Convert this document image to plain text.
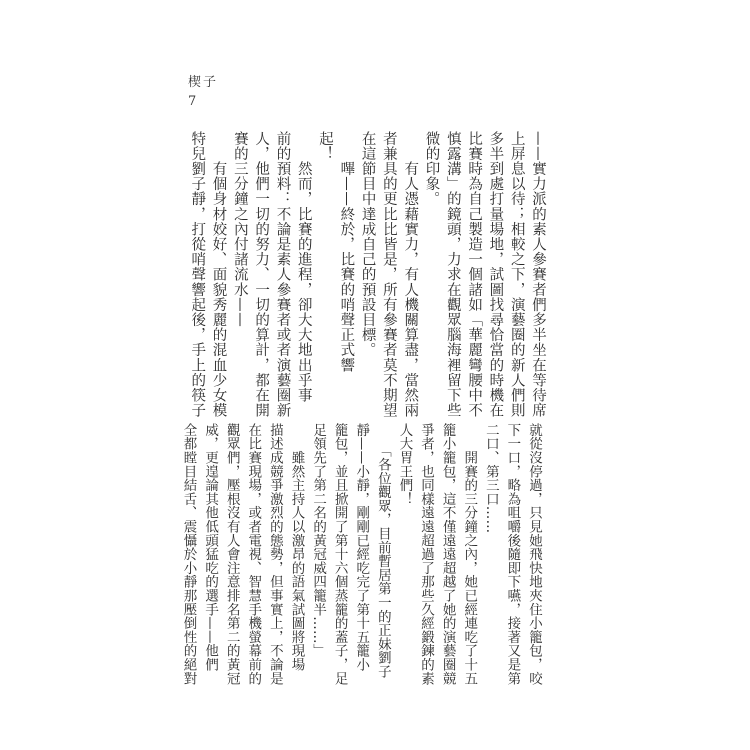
楔子
7
——實力派的素人參賽者們多半坐在等待席
上屏息以待；相較之下，演藝圈的新人們則
多半到處打量場地，試圖找尋恰當的時機在
比賽時為自己製造一個諸如「華麗彎腰中不
慎露溝」的鏡頭，力求在觀眾腦海裡留下些
微的印象。
　　有人憑藉實力，有人機關算盡，當然兩
者兼具的更比比皆是，所有參賽者莫不期望
在這節目中達成自己的預設目標。
　　嗶——終於，比賽的哨聲正式響
起！
　　然而，比賽的進程，卻大大地出乎事
前的預料：不論是素人參賽者或者演藝圈新
人，他們一切的努力、一切的算計，都在開
賽的三分鐘之內付諸流水——
　　有個身材姣好、面貌秀麗的混血少女模
特兒劉子靜，打從哨聲響起後，手上的筷子
就從沒停過，只見她飛快地夾住小籠包，咬
下一口，略為咀嚼後隨即下嚥，接著又是第
二口、第三口……
　　開賽的三分鐘之內，她已經連吃了十五
籠小籠包，這不僅遠遠超越了她的演藝圈競
爭者，也同樣遠遠超過了那些久經鍛鍊的素
人大胃王們！
　　「各位觀眾，目前暫居第一的正妹劉子
靜——小靜，剛剛已經吃完了第十五籠小
籠包，並且掀開了第十六個蒸籠的蓋子，足
足領先了第二名的黃冠威四籠半……」
　　雖然主持人以激昂的語氣試圖將現場
描述成競爭激烈的態勢，但事實上，不論是
在比賽現場，或者電視、智慧手機螢幕前的
觀眾們，壓根沒有人會注意排名第二的黃冠
威，更遑論其他低頭猛吃的選手——他們
全都瞠目結舌、震懾於小靜那壓倒性的絕對
